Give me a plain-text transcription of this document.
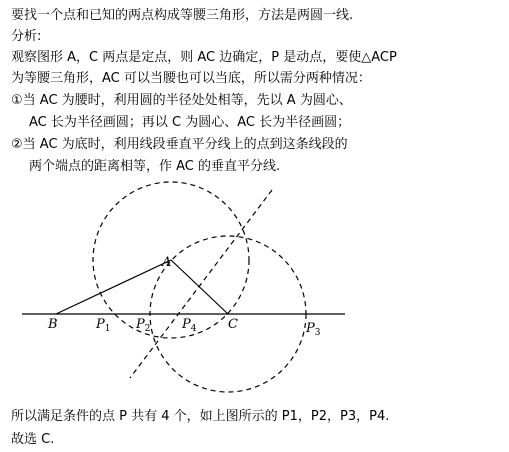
要找一个点和已知的两点构成等腰三角形，方法是两圆一线.
分析:
观察图形 A，C 两点是定点，则 AC 边确定，P 是动点，要使△ACP
为等腰三角形，AC 可以当腰也可以当底，所以需分两种情况：
①当 AC 为腰时，利用圆的半径处处相等，先以 A 为圆心、
AC 长为半径画圆；再以 C 为圆心、AC 长为半径画圆；
②当 AC 为底时，利用线段垂直平分线上的点到这条线段的
两个端点的距离相等，作 AC 的垂直平分线.
A
B	C
$P_1$ $P_2$ $P_4$	$P_3$
所以满足条件的点 P 共有 4 个，如上图所示的 P1，P2，P3，P4.
故选 C.
